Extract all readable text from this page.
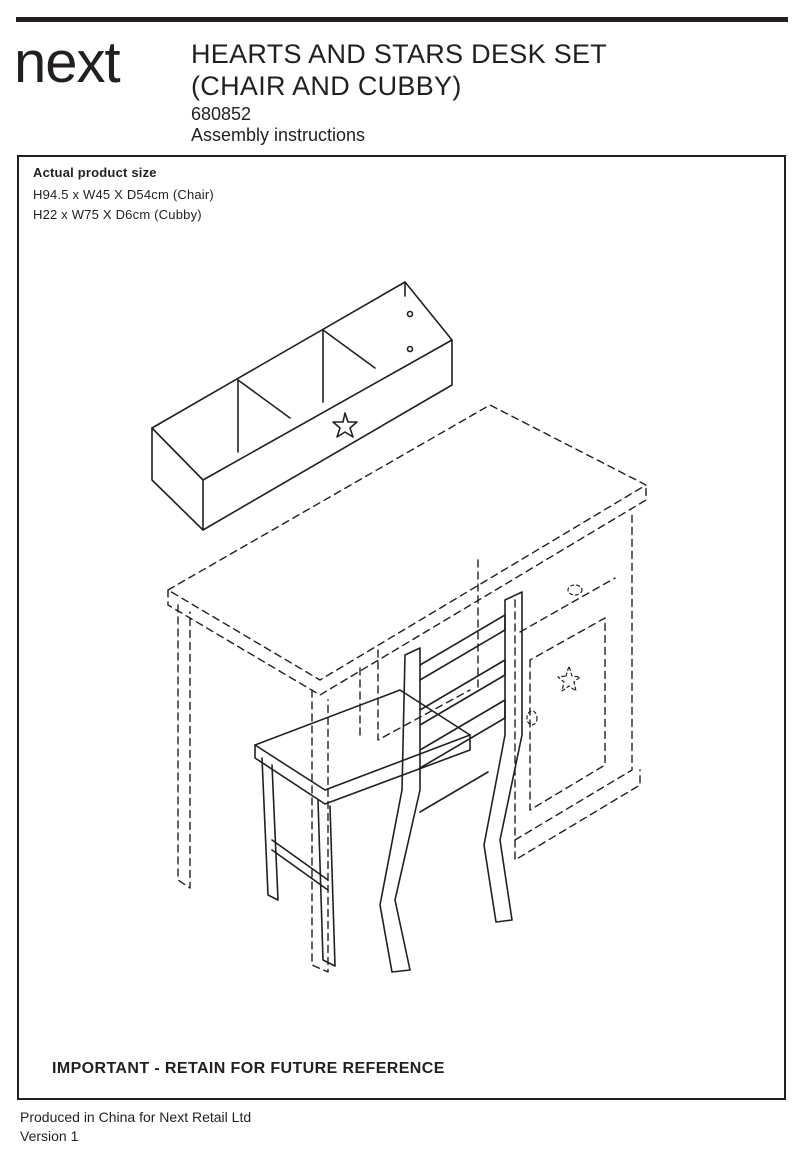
next	HEARTS AND STARS DESK SET
(CHAIR AND CUBBY)
680852
Assembly instructions
Actual product size
H94.5 x W45 X D54cm (Chair)
H22 x W75 X D6cm (Cubby)
IMPORTANT - RETAIN FOR FUTURE REFERENCE
Produced in China for Next Retail Ltd
Version 1
